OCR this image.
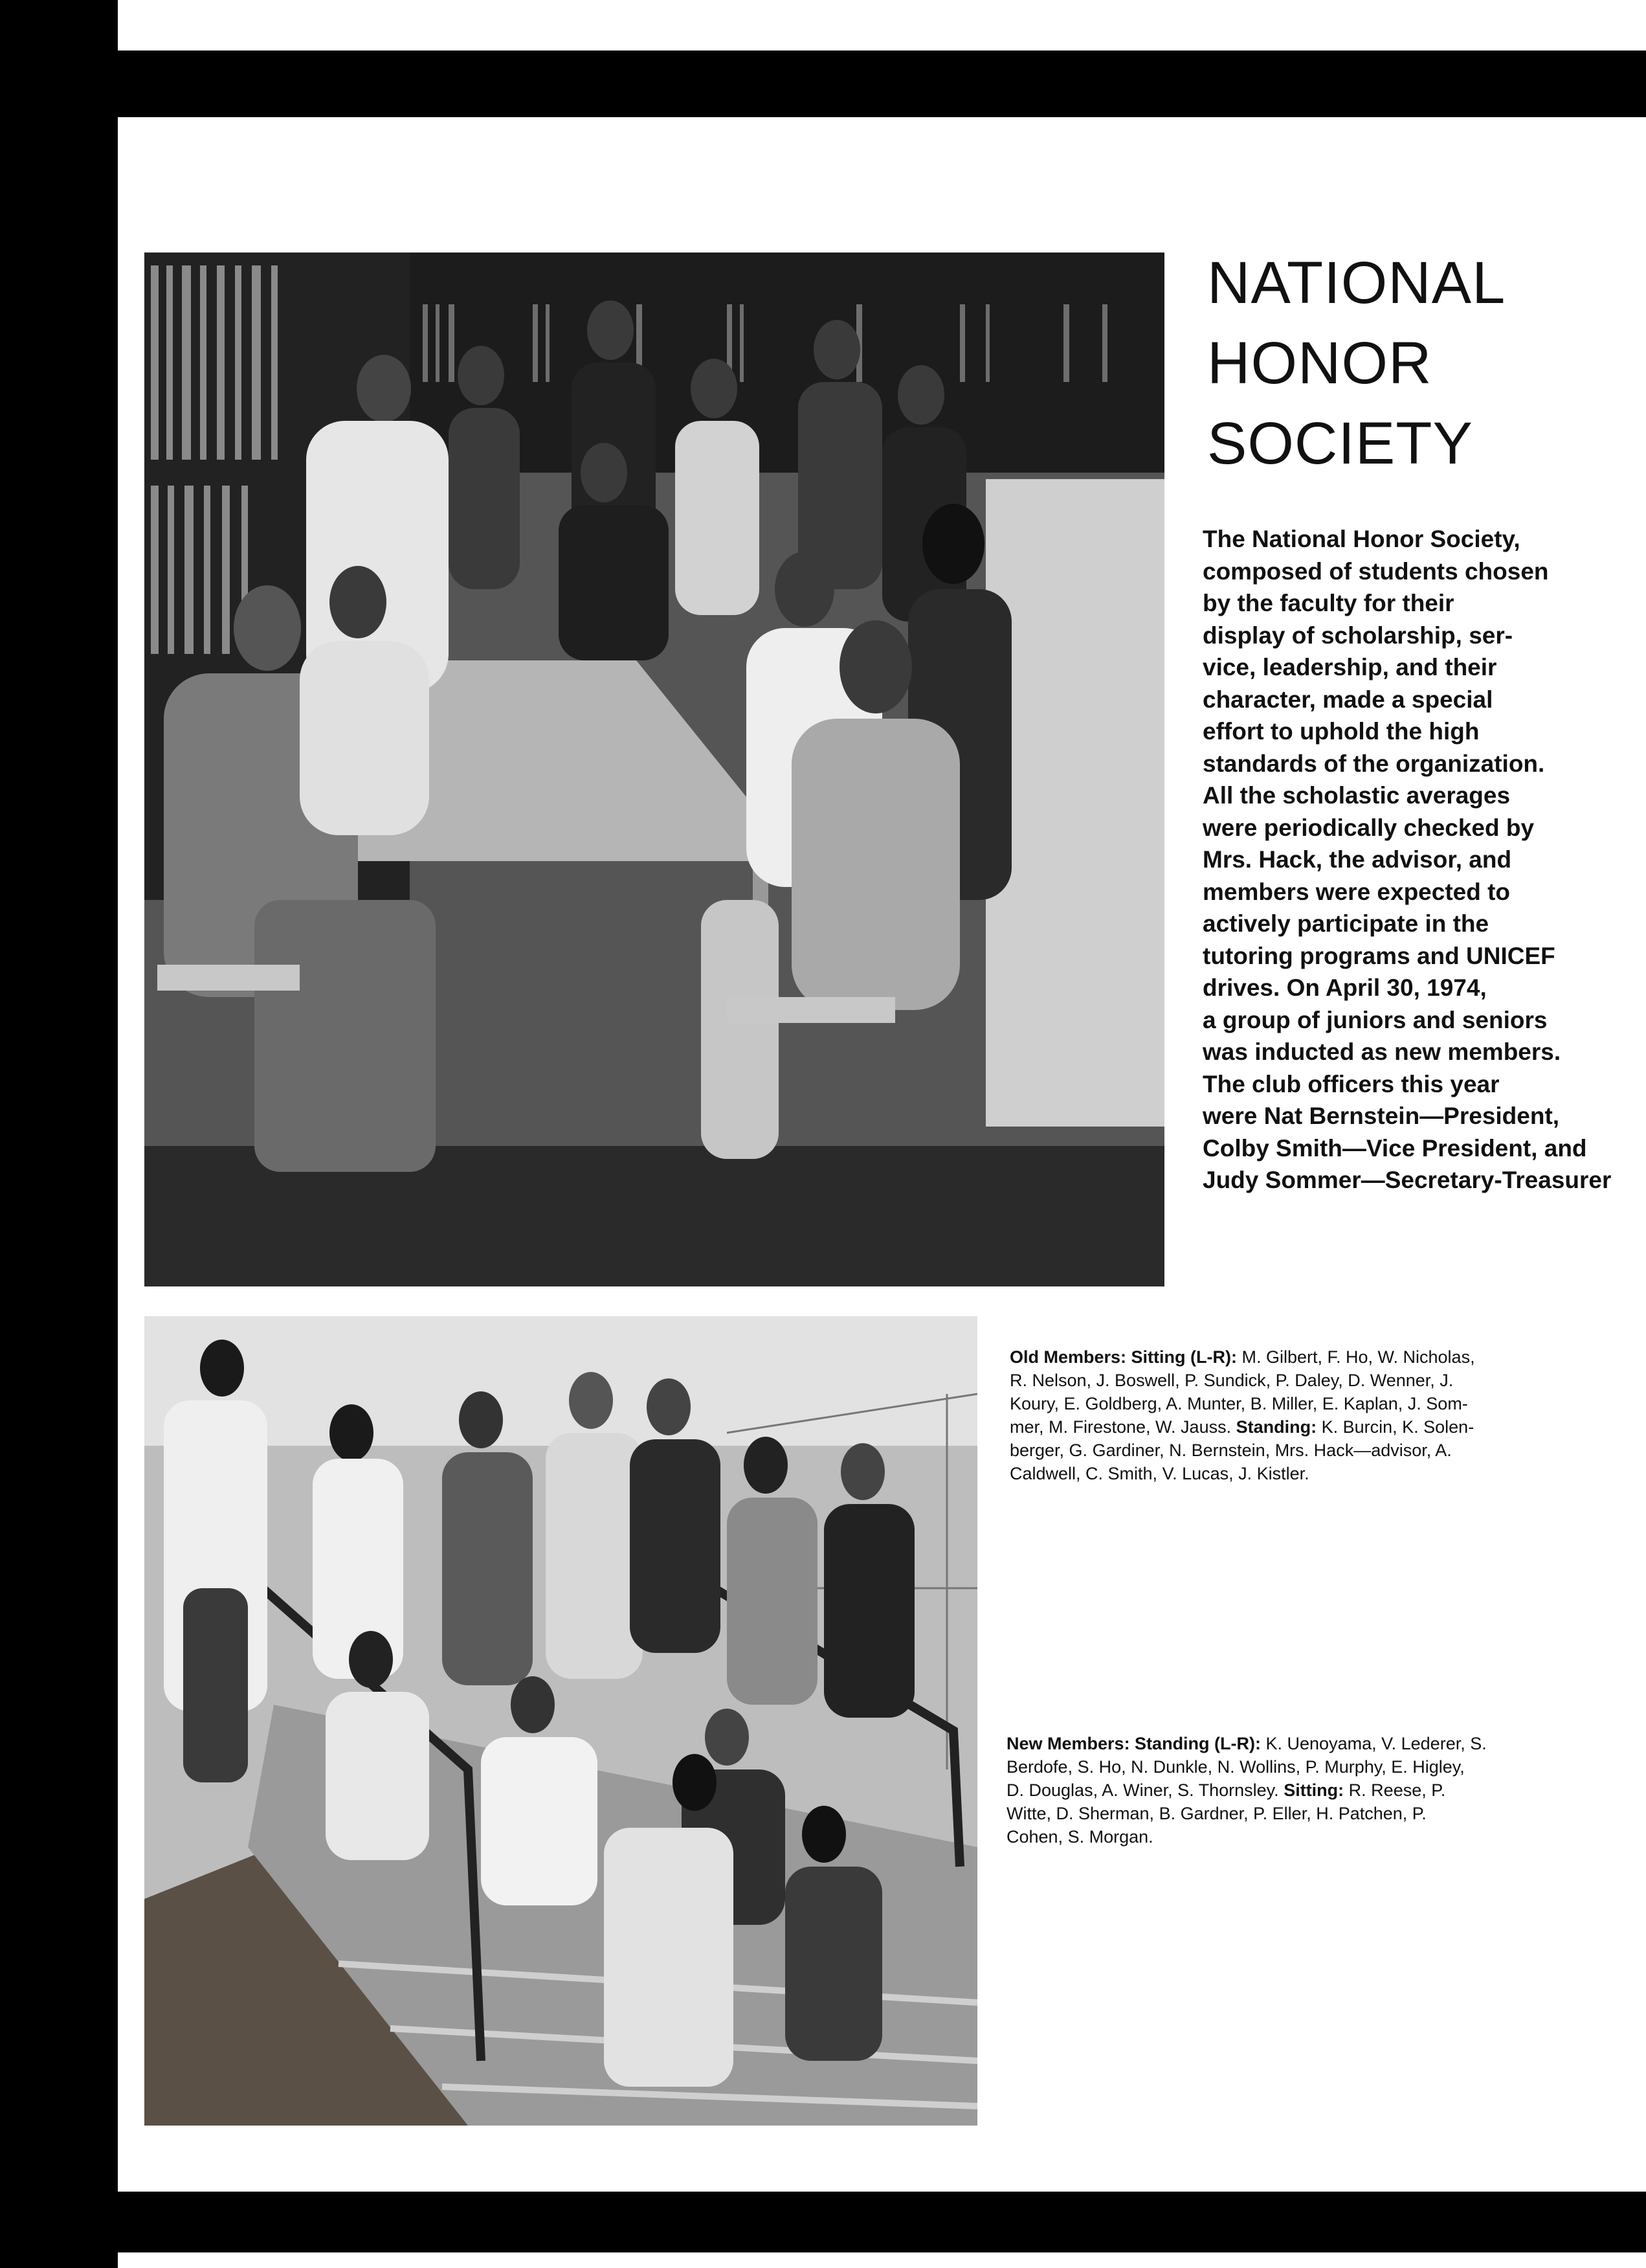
NATIONAL
HONOR
SOCIETY

The National Honor Society,
composed of students chosen
by the faculty for their
display of scholarship, ser-
vice, leadership, and their
character, made a special
effort to uphold the high
standards of the organization.
All the scholastic averages
were periodically checked by
Mrs. Hack, the advisor, and
members were expected to
actively participate in the
tutoring programs and UNICEF
drives. On April 30, 1974,
a group of juniors and seniors
was inducted as new members.
The club officers this year
were Nat Bernstein—President,
Colby Smith—Vice President, and
Judy Sommer—Secretary-Treasurer

Old Members: Sitting (L-R): M. Gilbert, F. Ho, W. Nicholas,
R. Nelson, J. Boswell, P. Sundick, P. Daley, D. Wenner, J.
Koury, E. Goldberg, A. Munter, B. Miller, E. Kaplan, J. Som-
mer, M. Firestone, W. Jauss. Standing: K. Burcin, K. Solen-
berger, G. Gardiner, N. Bernstein, Mrs. Hack—advisor, A.
Caldwell, C. Smith, V. Lucas, J. Kistler.

New Members: Standing (L-R): K. Uenoyama, V. Lederer, S.
Berdofe, S. Ho, N. Dunkle, N. Wollins, P. Murphy, E. Higley,
D. Douglas, A. Winer, S. Thornsley. Sitting: R. Reese, P.
Witte, D. Sherman, B. Gardner, P. Eller, H. Patchen, P.
Cohen, S. Morgan.
